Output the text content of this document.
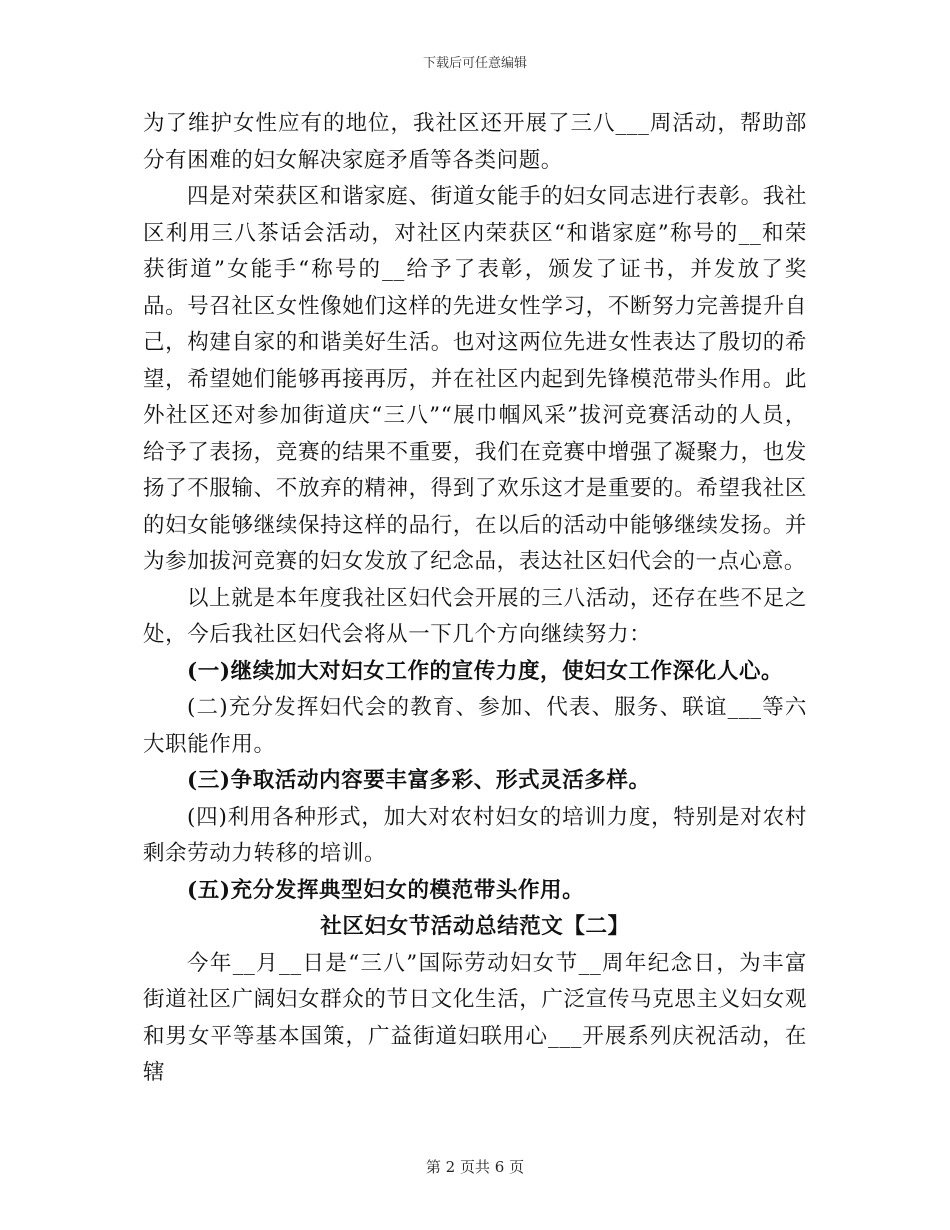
下载后可任意编辑

为了维护女性应有的地位，我社区还开展了三八___周活动，帮助部分有困难的妇女解决家庭矛盾等各类问题。

四是对荣获区和谐家庭、街道女能手的妇女同志进行表彰。我社区利用三八茶话会活动，对社区内荣获区“和谐家庭”称号的__和荣获街道”女能手“称号的__给予了表彰，颁发了证书，并发放了奖品。号召社区女性像她们这样的先进女性学习，不断努力完善提升自己，构建自家的和谐美好生活。也对这两位先进女性表达了殷切的希望，希望她们能够再接再厉，并在社区内起到先锋模范带头作用。此外社区还对参加街道庆“三八”“展巾帼风采”拔河竞赛活动的人员，给予了表扬，竞赛的结果不重要，我们在竞赛中增强了凝聚力，也发扬了不服输、不放弃的精神，得到了欢乐这才是重要的。希望我社区的妇女能够继续保持这样的品行，在以后的活动中能够继续发扬。并为参加拔河竞赛的妇女发放了纪念品，表达社区妇代会的一点心意。

以上就是本年度我社区妇代会开展的三八活动，还存在些不足之处，今后我社区妇代会将从一下几个方向继续努力：

(一)继续加大对妇女工作的宣传力度，使妇女工作深化人心。

(二)充分发挥妇代会的教育、参加、代表、服务、联谊___等六大职能作用。

(三)争取活动内容要丰富多彩、形式灵活多样。

(四)利用各种形式，加大对农村妇女的培训力度，特别是对农村剩余劳动力转移的培训。

(五)充分发挥典型妇女的模范带头作用。

社区妇女节活动总结范文【二】

今年__月__日是“三八”国际劳动妇女节__周年纪念日，为丰富街道社区广阔妇女群众的节日文化生活，广泛宣传马克思主义妇女观和男女平等基本国策，广益街道妇联用心___开展系列庆祝活动，在辖

第 2 页共 6 页
